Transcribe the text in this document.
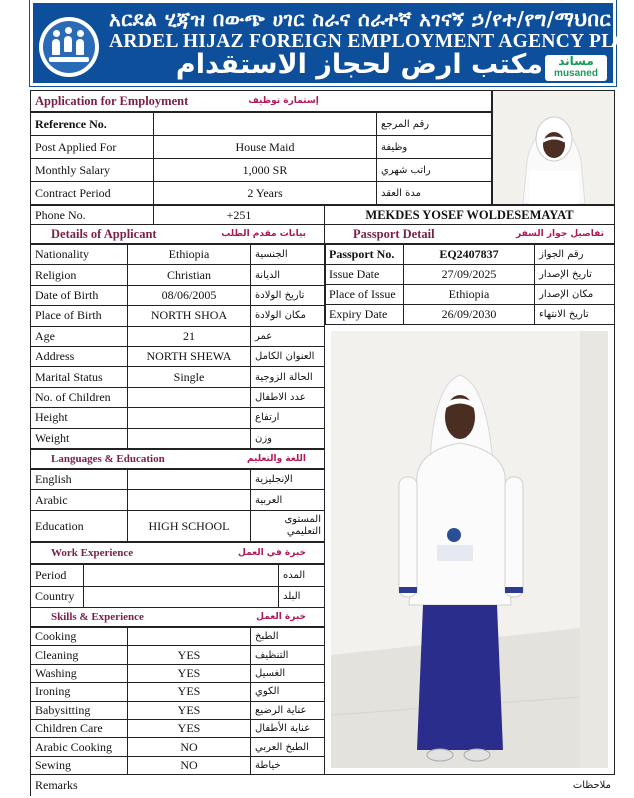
አርደል ሂጃዝ በውጭ ሀገር ስራና ሰራተኛ አገናኝ ኃ/የተ/የግ/ማህበር
ARDEL HIJAZ FOREIGN EMPLOYMENT AGENCY PLC
مكتب ارض لحجاز الاستقدام	مساند
musaned
Application for Employment	إستمارة توظيف
Reference No.	رقم المرجع
Post Applied For	House Maid	وظيفة
Monthly Salary	1,000 SR	راتب شهري
Contract Period	2 Years	مدة العقد
Phone No.	+251	MEKDES YOSEF WOLDESEMAYAT
Details of Applicant	بيانات مقدم الطلب
Nationality	Ethiopia	الجنسية
Religion	Christian	الديانة
Date of Birth	08/06/2005	تاريخ الولادة
Place of Birth	NORTH SHOA	مكان الولادة
Age	21	عمر
Address	NORTH SHEWA	العنوان الكامل
Marital Status	Single	الحالة الزوجية
No. of Children	عدد الاطفال
Height	ارتفاع
Weight	وزن
Languages & Education	اللغة والتعليم
English	الإنجليزية
Arabic	العربية
Education	HIGH SCHOOL	المستوى التعليمي
Work Experience	خبرة في العمل
Period	المده
Country	البلد
Skills & Experience	خبرة العمل
Cooking	الطبخ
Cleaning	YES	التنظيف
Washing	YES	الغسيل
Ironing	YES	الكوي
Babysitting	YES	عناية الرضيع
Children Care	YES	عناية الأطفال
Arabic Cooking	NO	الطبخ العربي
Sewing	NO	خياطة
Passport Detail	تفاصيل جواز السفر
Passport No.	EQ2407837	رقم الجواز
Issue Date	27/09/2025	تاريخ الإصدار
Place of Issue	Ethiopia	مكان الإصدار
Expiry Date	26/09/2030	تاريخ الانتهاء
Remarks	ملاحظات
